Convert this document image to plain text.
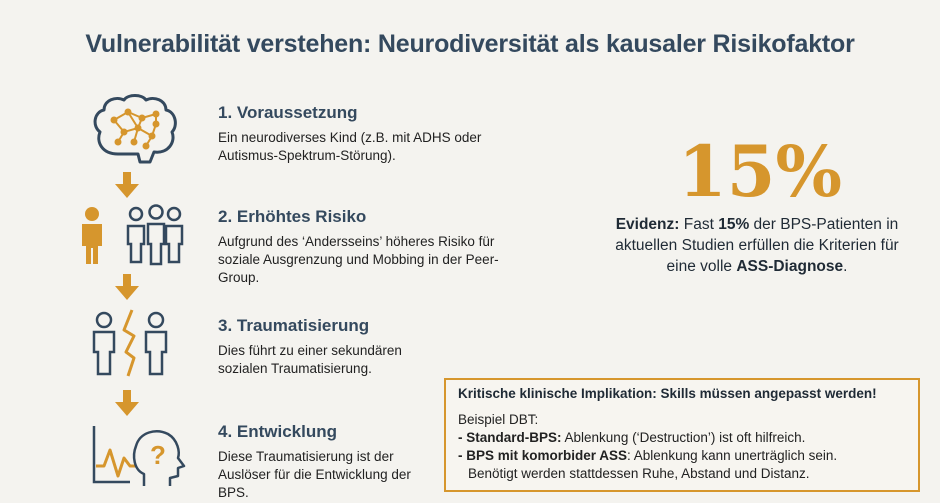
Vulnerabilität verstehen: Neurodiversität als kausaler Risikofaktor
?
1. Voraussetzung
Ein neurodiverses Kind (z.B. mit ADHS oder Autismus-Spektrum-Störung).
2. Erhöhtes Risiko
Aufgrund des ‘Andersseins’ höheres Risiko für soziale Ausgrenzung und Mobbing in der Peer-Group.
3. Traumatisierung
Dies führt zu einer sekundären sozialen Traumatisierung.
4. Entwicklung
Diese Traumatisierung ist der Auslöser für die Entwicklung der BPS.
15%
Evidenz: Fast 15% der BPS-Patienten in aktuellen Studien erfüllen die Kriterien für eine volle ASS-Diagnose.
Kritische klinische Implikation: Skills müssen angepasst werden!
Beispiel DBT:
- Standard-BPS: Ablenkung (‘Destruction’) ist oft hilfreich.
- BPS mit komorbider ASS: Ablenkung kann unerträglich sein.
Benötigt werden stattdessen Ruhe, Abstand und Distanz.
